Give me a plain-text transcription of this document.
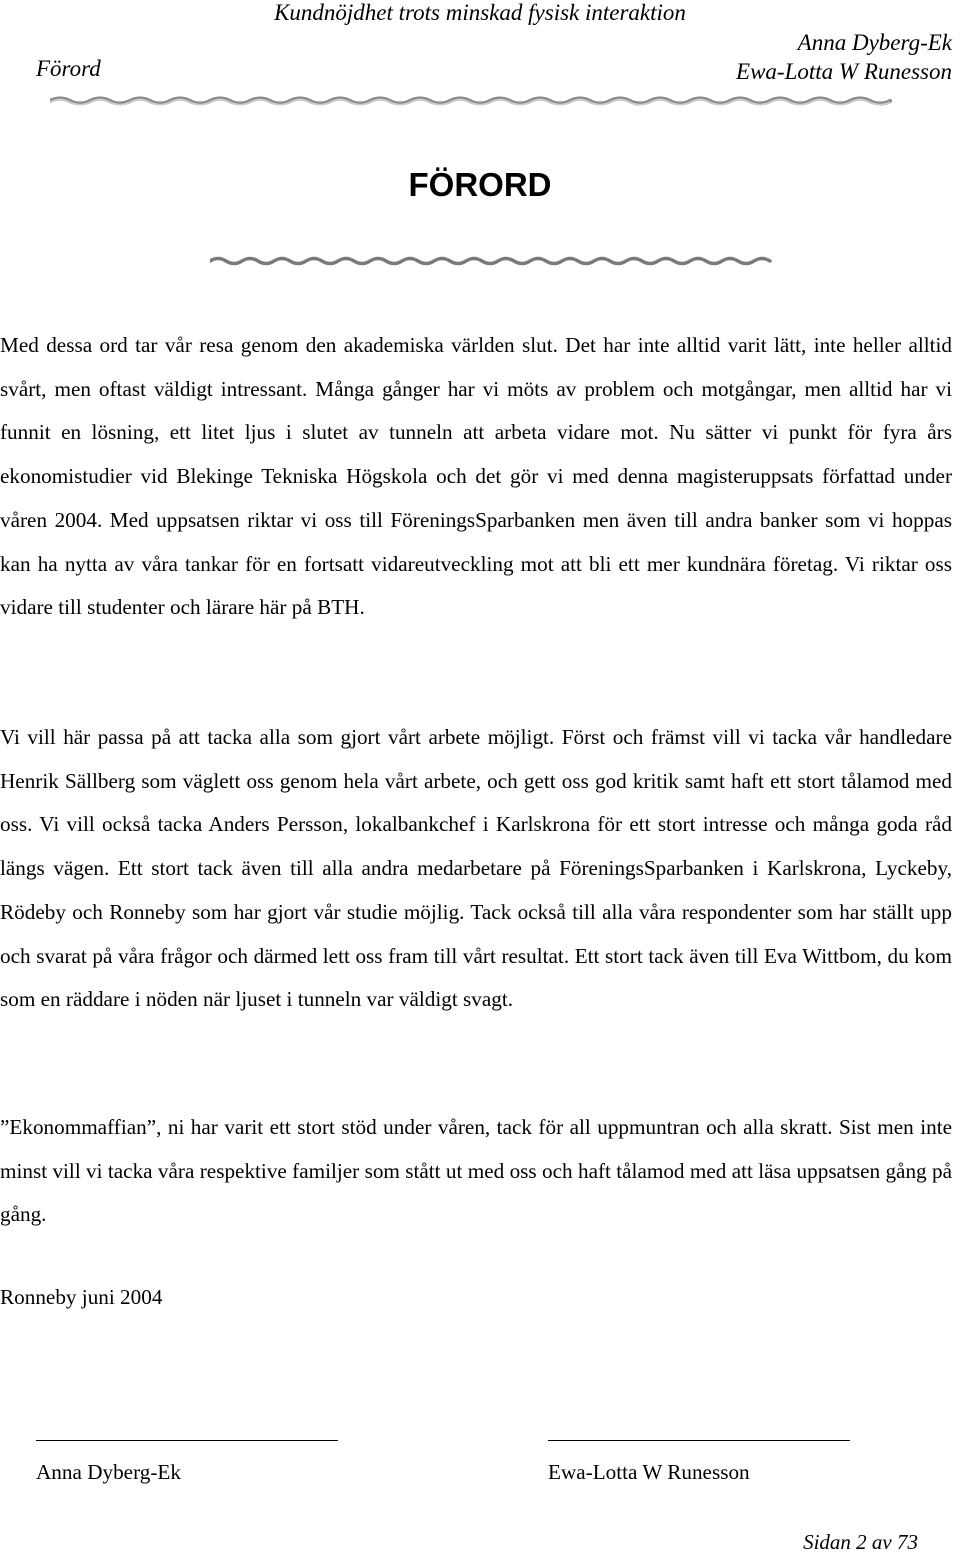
Kundnöjdhet trots minskad fysisk interaktion
Förord
Anna Dyberg-Ek
Ewa-Lotta W Runesson
FÖRORD

Med dessa ord tar vår resa genom den akademiska världen slut. Det har inte alltid varit lätt, inte heller alltid svårt, men oftast väldigt intressant. Många gånger har vi möts av problem och motgångar, men alltid har vi funnit en lösning, ett litet ljus i slutet av tunneln att arbeta vidare mot. Nu sätter vi punkt för fyra års ekonomistudier vid Blekinge Tekniska Högskola och det gör vi med denna magisteruppsats författad under våren 2004. Med uppsatsen riktar vi oss till FöreningsSparbanken men även till andra banker som vi hoppas kan ha nytta av våra tankar för en fortsatt vidareutveckling mot att bli ett mer kundnära företag. Vi riktar oss vidare till studenter och lärare här på BTH.

Vi vill här passa på att tacka alla som gjort vårt arbete möjligt. Först och främst vill vi tacka vår handledare Henrik Sällberg som väglett oss genom hela vårt arbete, och gett oss god kritik samt haft ett stort tålamod med oss. Vi vill också tacka Anders Persson, lokalbankchef i Karlskrona för ett stort intresse och många goda råd längs vägen. Ett stort tack även till alla andra medarbetare på FöreningsSparbanken i Karlskrona, Lyckeby, Rödeby och Ronneby som har gjort vår studie möjlig. Tack också till alla våra respondenter som har ställt upp och svarat på våra frågor och därmed lett oss fram till vårt resultat. Ett stort tack även till Eva Wittbom, du kom som en räddare i nöden när ljuset i tunneln var väldigt svagt.

”Ekonommaffian”, ni har varit ett stort stöd under våren, tack för all uppmuntran och alla skratt. Sist men inte minst vill vi tacka våra respektive familjer som stått ut med oss och haft tålamod med att läsa uppsatsen gång på gång.

Ronneby juni 2004

Anna Dyberg-Ek	Ewa-Lotta W Runesson
Sidan 2 av 73
